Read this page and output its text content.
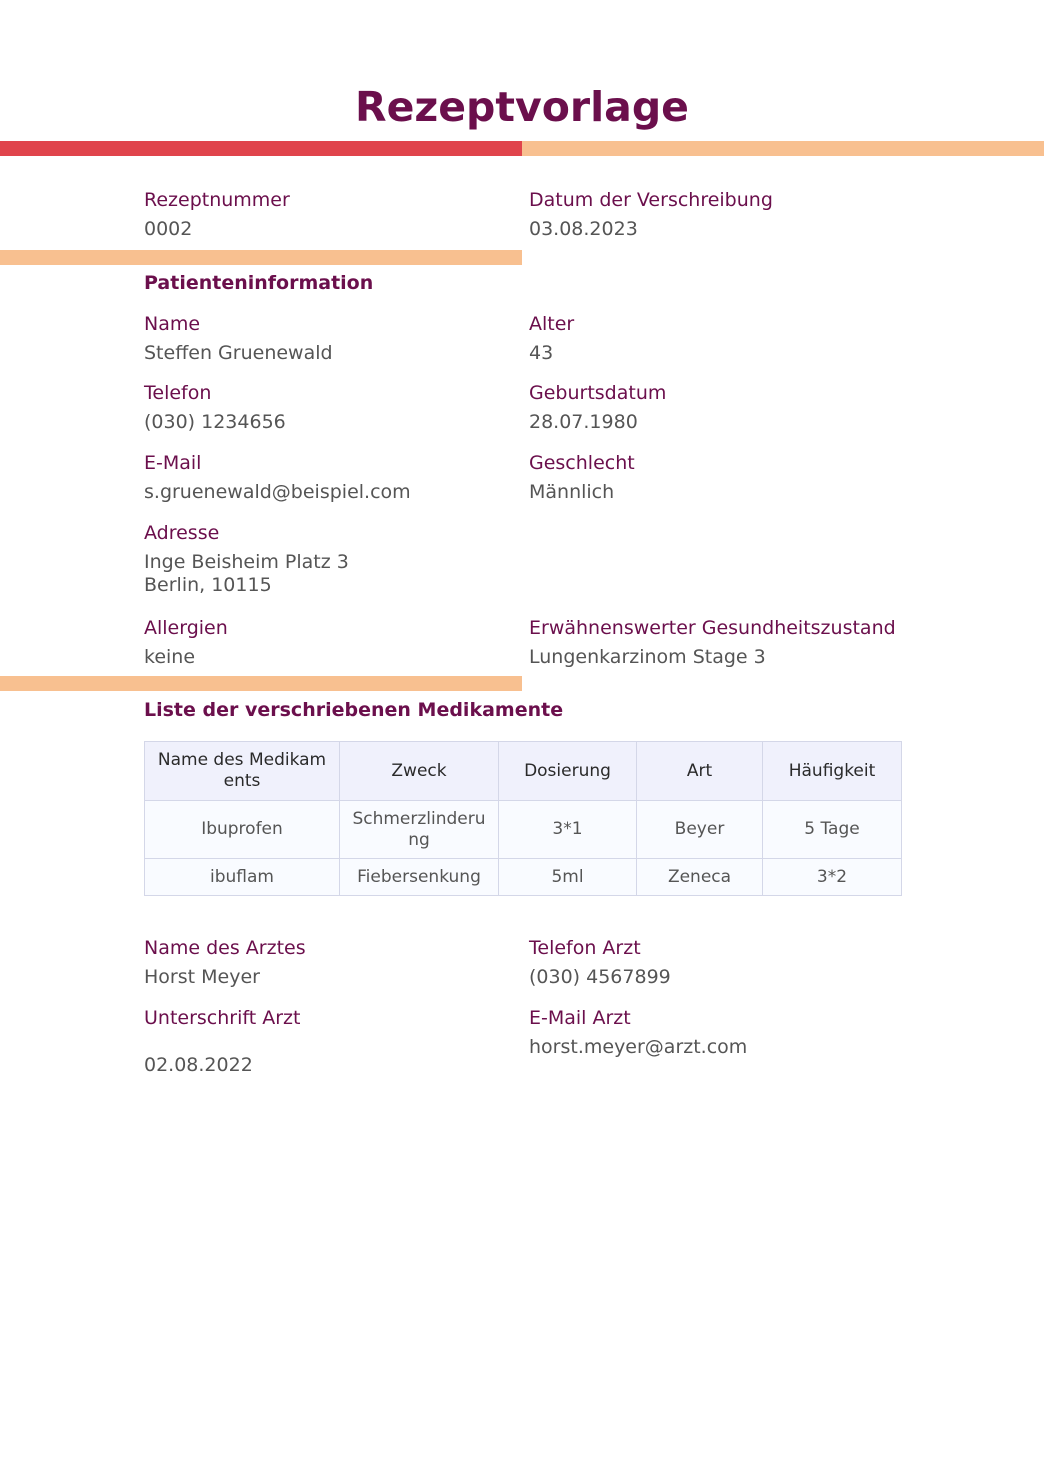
Rezeptvorlage
Rezeptnummer
0002
Datum der Verschreibung
03.08.2023
Patienteninformation
Name
Steffen Gruenewald
Alter
43
Telefon
(030) 1234656
Geburtsdatum
28.07.1980
E-Mail
s.gruenewald@beispiel.com
Geschlecht
Männlich
Adresse
Inge Beisheim Platz 3
Berlin, 10115
Allergien
keine
Erwähnenswerter Gesundheitszustand
Lungenkarzinom Stage 3
Liste der verschriebenen Medikamente
Name des Medikaments	Zweck	Dosierung	Art	Häufigkeit
Ibuprofen	Schmerzlinderung	3*1	Beyer	5 Tage
ibuflam	Fiebersenkung	5ml	Zeneca	3*2
Name des Arztes
Horst Meyer
Telefon Arzt
(030) 4567899
Unterschrift Arzt
02.08.2022
E-Mail Arzt
horst.meyer@arzt.com
